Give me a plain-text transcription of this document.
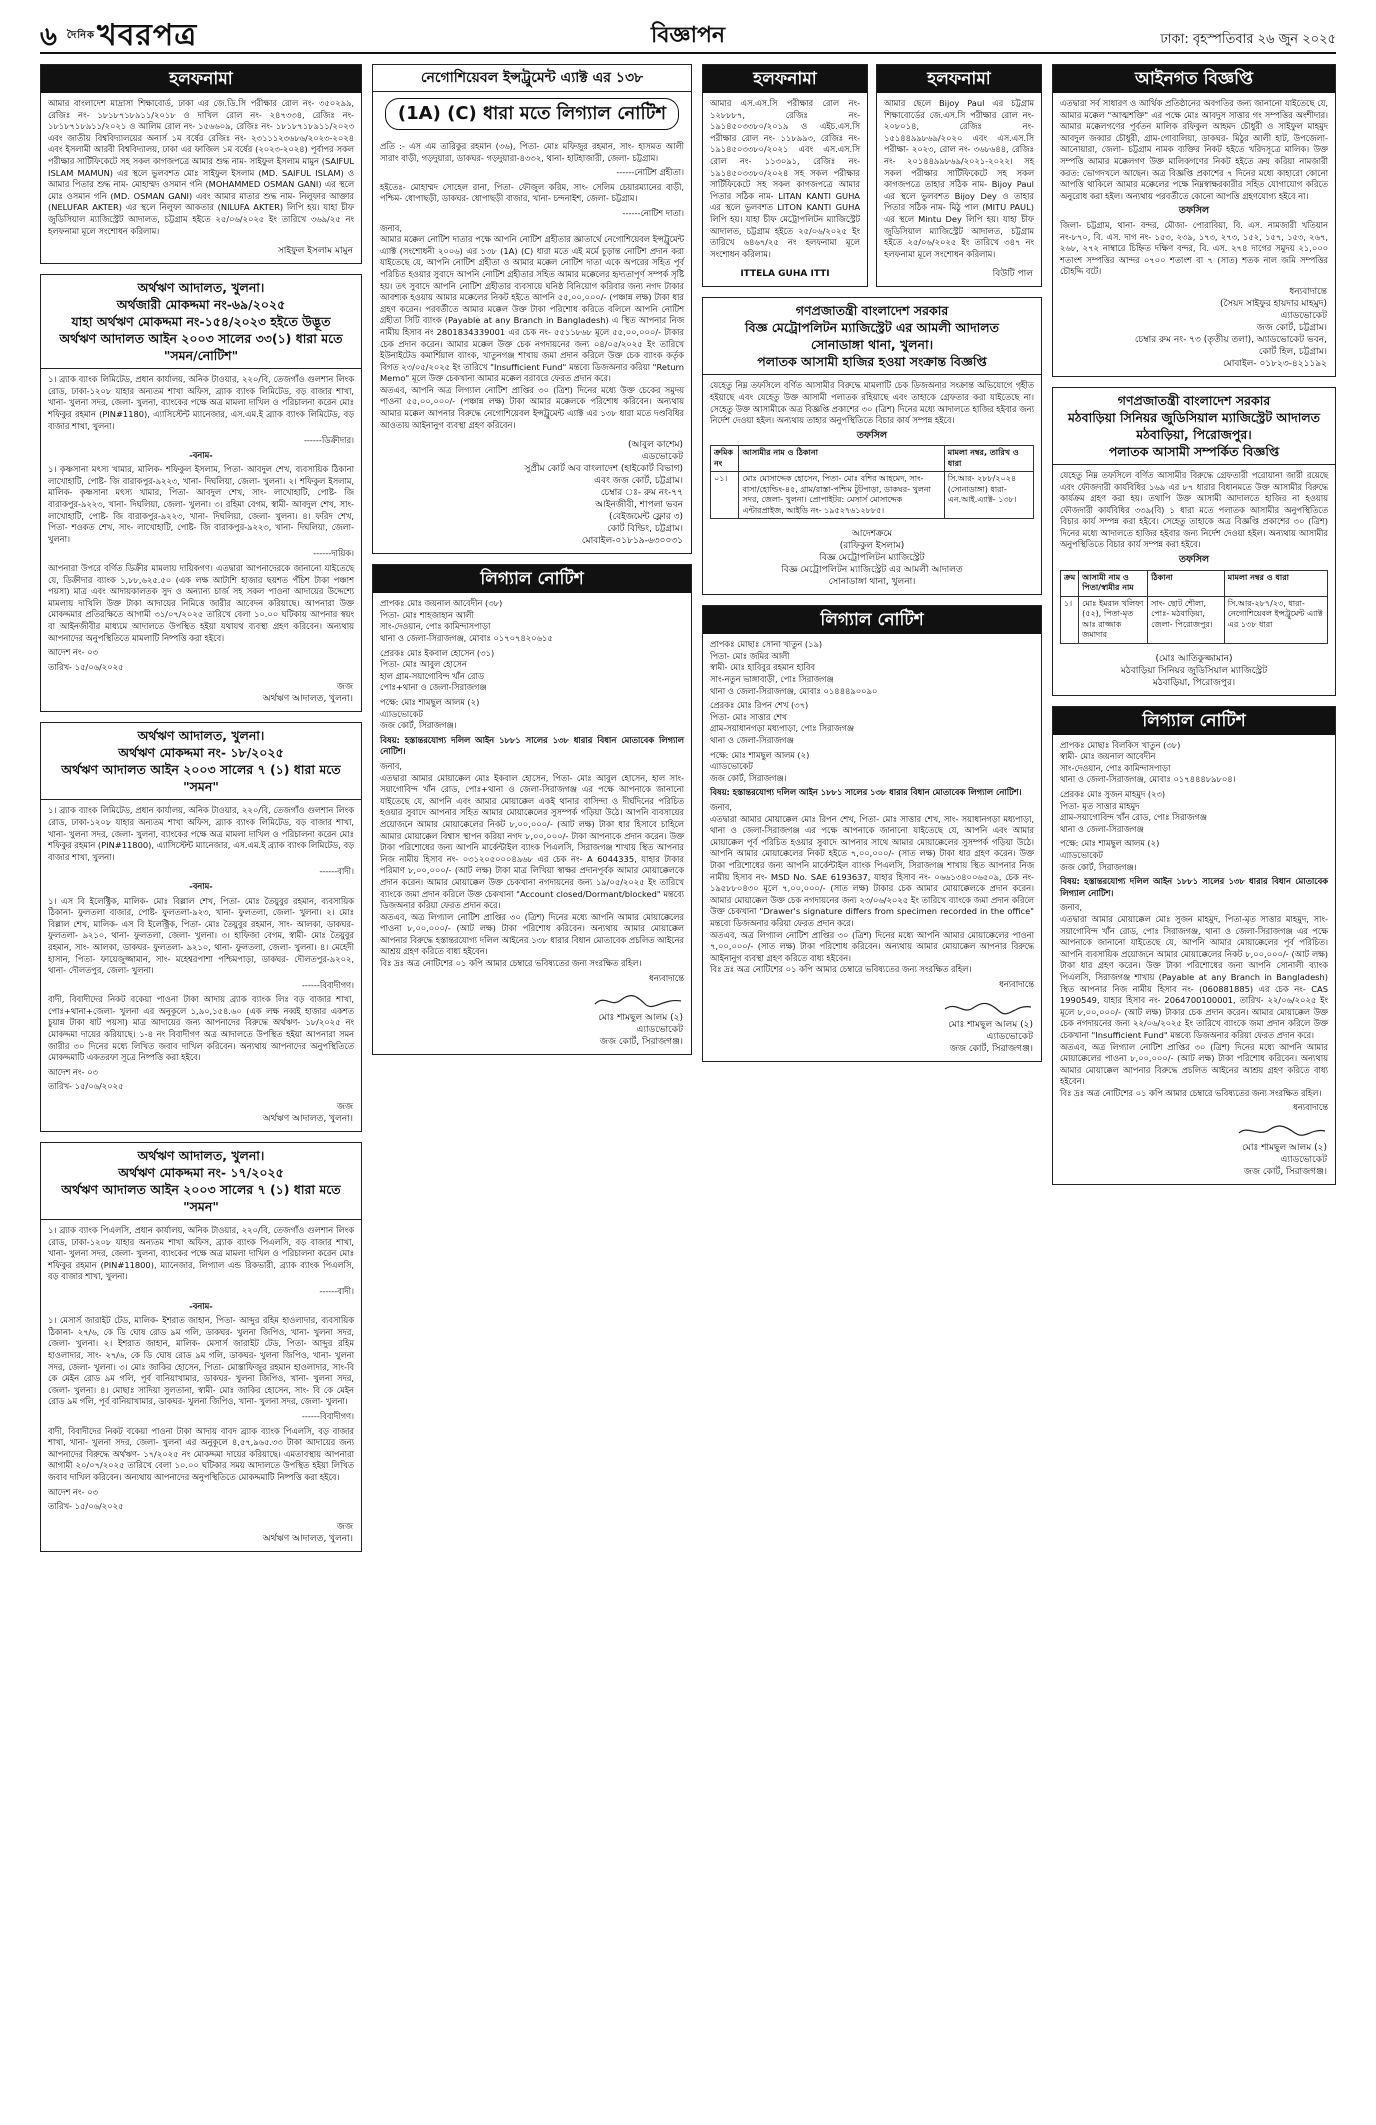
৬ $^{দৈনিক}$খবরপত্র	বিজ্ঞাপন	ঢাকা: বৃহস্পতিবার ২৬ জুন ২০২৫
হলফনামা

আমার বাংলাদেশ মাদ্রাসা শিক্ষাবোর্ড, ঢাকা এর জে.ডি.সি পরীক্ষার রোল নং- ৩৫০২৯৯, রেজিঃ নং- ১৮১৮৭১৮৯১১/২০১৮ ও দাখিল রোল নং- ২৪৭৩৩৪, রেজিঃ নং- ১৮১৮৭১৮৯১১/২০২১ ও আলিম রোল নং- ১৫৬৬০৯, রেজিঃ নং- ১৮১৮৭১৮৯১১/২০২৩ এবং জাতীয় বিশ্ববিদ্যালয়ের অনার্স ১ম বর্ষের রেজিঃ নং- ২৩১১১২৩৬৮৬/২০২৩-২০২৪ এবং ইসলামী আরবী বিশ্ববিদ্যালয়, ঢাকা এর ফাজিল ১ম বর্ষের (২০২৩-২০২৪) পূর্বাপর সকল পরীক্ষার সার্টিফিকেটে সহ সকল কাগজপত্রে আমার শুদ্ধ নাম- সাইফুল ইসলাম মামুন (SAIFUL ISLAM MAMUN) এর স্থলে ভুলবশত মোঃ সাইফুল ইসলাম (MD. SAIFUL ISLAM) ও আমার পিতার শুদ্ধ নাম- মোহাম্মদ ওসমান গনি (MOHAMMED OSMAN GANI) এর স্থলে মোঃ ওসমান গনি (MD. OSMAN GANI) এবং আমার মাতার শুদ্ধ নাম- নিলুফার আক্তার (NELUFAR AKTER) এর স্থলে নিলুফা আকতার (NILUFA AKTER) লিপি হয়। যাহা চীফ জুডিসিয়াল ম্যাজিস্ট্রেট আদালত, চট্টগ্রাম হইতে ২৫/০৬/২০২৫ ইং তারিখে ৩৬৯/২৫ নং হলফনামা মূলে সংশোধন করিলাম।

সাইফুল ইসলাম মামুন
অর্থঋণ আদালত, খুলনা।
অর্থজারী মোকদ্দমা নং-৬৯/২০২৫
যাহা অর্থঋণ মোকদ্দমা নং-১৫৪/২০২৩ হইতে উদ্ভূত
অর্থঋণ আদালত আইন ২০০৩ সালের ৩৩(১) ধারা মতে
"সমন/নোটিশ"

১। ব্র্যাক ব্যাংক লিমিটেড, প্রধান কার্যালয়, অনিক টাওয়ার, ২২০/বি, তেজগাঁও গুলশান লিংক রোড, ঢাকা-১২০৮ যাহার অন্যতম শাখা অফিস, ব্র্যাক ব্যাংক লিমিটেড, বড় বাজার শাখা, খানা- খুলনা সদর, জেলা- খুলনা, ব্যাংকের পক্ষে অত্র মামলা দাখিল ও পরিচালনা করেন মোঃ শফিকুর রহমান (PIN#1180), এ্যাসিস্টেন্ট ম্যানেজার, এস.এম.ই ব্র্যাক ব্যাংক লিমিটেড, বড় বাজার শাখা, খুলনা।

------ডিক্রীদার।

-বনাম-

১। কৃষ্ণসানা মৎস্য খামার, মালিক- শফিকুল ইসলাম, পিতা- আবদুল শেখ, ব্যবসায়িক ঠিকানা লাখোহাটি, পোষ্ট- জি বারাকপুর-৯২২৩, খানা- দিঘলিয়া, জেলা- খুলনা। ২। শফিকুল ইসলাম, মালিক- কৃষ্ণসানা মৎস্য খামার, পিতা- আবদুল শেখ, সাং- লাখোহাটি, পোষ্ট- জি বারাকপুর-৯২২৩, খানা- দিঘলিয়া, জেলা- খুলনা। ৩। রহিমা বেগম, স্বামী- আবদুল শেখ, সাং- লাখোহাটি, পোষ্ট- জি বারাকপুর-৯২২৩, খানা- দিঘলিয়া, জেলা- খুলনা। ৪। ফরিদ শেখ, পিতা- শওকত শেখ, সাং- লাখোহাটি, পোষ্ট- জি বারাকপুর-৯২২৩, খানা- দিঘলিয়া, জেলা- খুলনা।

------দায়িক।

আপনারা উপরে বর্ণিত ডিক্রীর মামলায় দায়িকগণ। এতদ্বারা আপনাদেরকে জানানো যাইতেছে যে, ডিক্রীদার ব্যাংক ১,৮৮,৬২৫.৫০ (এক লক্ষ আটাশি হাজার ছয়শত পঁচিশ টাকা পঞ্চাশ পয়সা) মাত্র এবং আদায়কালতক সুদ ও অন্যান্য চার্জ সহ সকল পাওনা আদায়ের উদ্দেশ্যে মামলায় দাখিলি উক্ত টাকা আদায়ের নিমিত্তে জারীর আবেদন করিয়াছে। আপনারা উক্ত মোকদ্দমার প্রতিরক্ষিতে আগামী ৩১/০৭/২০২৫ তারিখে বেলা ১০.০০ ঘটিকায় আপনার স্বয়ং বা আইনজীবীর মাধ্যমে আদালতে উপস্থিত হইয়া যথাযথ ব্যবস্থা গ্রহণ করিবেন। অন্যথায় আপনাদের অনুপস্থিতিতে মামলাটি নিষ্পত্তি করা হইবে।

আদেশ নং- ০৩

তারিখ- ১৫/০৬/২০২৫

জজ
অর্থঋণ আদালত, খুলনা।
অর্থঋণ আদালত, খুলনা।
অর্থঋণ মোকদ্দমা নং- ১৮/২০২৫
অর্থঋণ আদালত আইন ২০০৩ সালের ৭ (১) ধারা মতে
"সমন"

১। ব্র্যাক ব্যাংক লিমিটেড, প্রধান কার্যালয়, অনিক টাওয়ার, ২২০/বি, তেজগাঁও গুলশান লিংক রোড, ঢাকা-১২০৮ যাহার অন্যতম শাখা অফিস, ব্র্যাক ব্যাংক লিমিটেড, বড় বাজার শাখা, খানা- খুলনা সদর, জেলা- খুলনা, ব্যাংকের পক্ষে অত্র মামলা দাখিল ও পরিচালনা করেন মোঃ শফিকুর রহমান (PIN#11800), এ্যাসিস্টেন্ট ম্যানেজার, এস.এম.ই ব্র্যাক ব্যাংক লিমিটেড, বড় বাজার শাখা, খুলনা।

------বাদী।

-বনাম-

১। এস বি ইলেক্ট্রিক, মালিক- মোঃ বিল্লাল শেখ, পিতা- মোঃ তৈয়ুবুর রহমান, ব্যবসায়িক ঠিকানা- ফুলতলা বাজার, পোষ্ট- ফুলতলা-৯২৩, খানা- ফুলতলা, জেলা- খুলনা। ২। মোঃ বিল্লাল শেখ, মালিক- এস বি ইলেক্ট্রিক, পিতা- মোঃ তৈয়ুবুর রহমান, সাং- আলকা, ডাকঘর- ফুলতলা- ৯২১০, থানা- ফুলতলা, জেলা- খুলনা। ৩। হাফিজা বেগম, স্বামী- মোঃ তৈয়ুবুর রহমান, সাং- আলকা, ডাকঘর- ফুলতলা- ৯২১০, থানা- ফুলতলা, জেলা- খুলনা। ৪। মেহেদী হাসান, পিতা- ফায়েজুজ্জামান, সাং- মহেশ্বরপাশা পশ্চিমপাড়া, ডাকঘর- দৌলতপুর-৯২০২, থানা- দৌলতপুর, জেলা- খুলনা।

------বিবাদীগণ।

বাদী, বিবাদীদের নিকট বকেয়া পাওনা টাকা আদায় ব্র্যাক ব্যাংক লিঃ বড় বাজার শাখা, পোঃ+থানা+জেলা- খুলনা এর অনুকূলে ১,৯০,১৫৪.৬০ (এক লক্ষ নব্বই হাজার একশত চুয়ান্ন টাকা ষাট পয়সা) মাত্র আদায়ের জন্য আপনাদের বিরুদ্ধে অর্থঋণ- ১৮/২০২৫ নং মোকদ্দমা দায়ের করিয়াছে। ১-৪ নং বিবাদীগণ অত্র আদালতে উপস্থিত হইয়া আপনারা সমন জারীর ৩০ দিনের মধ্যে লিখিত জবাব দাখিল করিবেন। অন্যথায় আপনাদের অনুপস্থিতিতে মোকদ্দমাটি একতরফা সূত্রে নিষ্পত্তি করা হইবে।

আদেশ নং- ০৩

তারিখ- ১৫/০৬/২০২৫

জজ
অর্থঋণ আদালত, খুলনা।
অর্থঋণ আদালত, খুলনা।
অর্থঋণ মোকদ্দমা নং- ১৭/২০২৫
অর্থঋণ আদালত আইন ২০০৩ সালের ৭ (১) ধারা মতে
"সমন"

১। ব্র্যাক ব্যাংক পিএলসি, প্রধান কার্যালয়, অনিক টাওয়ার, ২২০/বি, তেজগাঁও গুলশান লিংক রোড, ঢাকা-১২০৮ যাহার অন্যতম শাখা অফিস, ব্র্যাক ব্যাংক পিএলসি, বড় বাজার শাখা, খানা- খুলনা সদর, জেলা- খুলনা, ব্যাংকের পক্ষে অত্র মামলা দাখিল ও পরিচালনা করেন মোঃ শফিকুর রহমান (PIN#11800), ম্যানেজার, লিগ্যাল এন্ড রিকভারী, ব্র্যাক ব্যাংক পিএলসি, বড় বাজার শাখা, খুলনা।

------বাদী।

-বনাম-

১। মেসার্স জারাইট টেড, মালিক- ইশরাত জাহান, পিতা- আব্দুর রহিম হাওলাদার, ব্যবসায়িক ঠিকানা- ২৭/৬, কে ডি ঘোষ রোড ৯ম গলি, ডাকঘর- খুলনা জিপিও, খানা- খুলনা সদর, জেলা- খুলনা। ২। ইশরাত জাহান, মালিক- মেসার্স জারাইট টেড, পিতা- আব্দুর রহিম হাওলাদার, সাং- ২৭/৬, কে ডি ঘোষ রোড ৯ম গলি, ডাকঘর- খুলনা জিপিও, খানা- খুলনা সদর, জেলা- খুলনা। ৩। মোঃ জাকির হোসেন, পিতা- মোস্তাফিজুর রহমান হাওলাদার, সাং-বি কে মেইন রোড ৯ম গলি, পূর্ব বানিয়াখামার, ডাকঘর- খুলনা জিপিও, খানা- খুলনা সদর, জেলা- খুলনা। ৪। মোছাঃ সাদিয়া সুলতানা, স্বামী- মোঃ জাকির হোসেন, সাং- বি কে মেইন রোড ৯ম গলি, পূর্ব বানিয়াখামার, ডাকঘর- খুলনা জিপিও, খানা- খুলনা সদর, জেলা- খুলনা।

------বিবাদীগণ।

বাদী, বিবাদীদের নিকট বকেয়া পাওনা টাকা আদায় বাবদ ব্র্যাক ব্যাংক পিএলসি, বড় বাজার শাখা, খানা- খুলনা সদর, জেলা- খুলনা এর অনুকূলে ৪,৫৭,৯৬৫.৩৩ টাকা আদায়ের জন্য আপনাদের বিরুদ্ধে অর্থঋণ- ১৭/২০২৫ নং মোকদ্দমা দায়ের করিয়াছে। এমতাবস্থায় আপনারা আগামী ২০/০৭/২০২৫ তারিখে বেলা ১০.০০ ঘটিকার সময় আদালতে উপস্থিত হইয়া লিখিত জবাব দাখিল করিবেন। অন্যথায় আপনাদের অনুপস্থিতিতে মোকদ্দমাটি নিষ্পত্তি করা হইবে।

আদেশ নং- ০৩

তারিখ- ১৫/০৬/২০২৫

জজ
অর্থঋণ আদালত, খুলনা।
নেগোশিয়েবল ইন্সট্রুমেন্ট এ্যাক্ট এর ১৩৮
(1A) (C) ধারা মতে লিগ্যাল নোটিশ

প্রতি :- এস এম তারিকুর রহমান (৩৬), পিতা- মোঃ মফিজুর রহমান, সাং- হাসমত আলী সারাং বাড়ী, গড়দুয়ারা, ডাকঘর- গড়দুয়ারা-৪৩৩২, থানা- হাটহাজারী, জেলা- চট্টগ্রাম।

------নোটিশ গ্রহীতা।

হইতেঃ- মোহাম্মদ সোহেল রানা, পিতা- ফৌজুল করিম, সাং- সেলিম চেয়ারম্যানের বাড়ী, পশ্চিম- ধোপাছড়ী, ডাকঘর- ধোপাছড়ী বাজার, খানা- চন্দনাইশ, জেলা- চট্টগ্রাম।

------নোটিশ দাতা।

জনাব,
আমার মক্কেল নোটিশ দাতার পক্ষে আপনি নোটিশ গ্রহীতার জ্ঞাতার্থে নেগোশিয়েবল ইন্সট্রুমেন্ট এ্যাক্ট (সংশোধনী ২০০৬) এর ১৩৮ (1A) (C) ধারা মতে এই মর্মে চূড়ান্ত নোটিশ প্রদান করা যাইতেছে যে, আপনি নোটিশ গ্রহীতা ও আমার মক্কেল নোটিশ দাতা একে অপরের সহিত পূর্ব পরিচিত হওয়ার সুবাদে আপনি নোটিশ গ্রহীতার সহিত আমার মক্কেলের হৃদ্যতাপূর্ণ সম্পর্ক সৃষ্টি হয়। তৎ সুবাদে আপনি নোটিশ গ্রহীতার ব্যবসায়ে ঘনিষ্ঠ বিনিয়োগ করিবার জন্য নগদ টাকার আবশ্যক হওয়ায় আমার মক্কেলের নিকট হইতে আপনি ৫৫,০০,০০০/- (পঞ্চান্ন লক্ষ) টাকা ধার গ্রহণ করেন। পরবর্তীতে আমার মক্কেল উক্ত টাকা পরিশোধ করিতে বলিলে আপনি নোটিশ গ্রহীতা সিটি ব্যাংক (Payable at any Branch in Bangladesh) এ স্থিত আপনার নিজ নামীয় হিসাব নং 2801834339001 এর চেক নং- ৫৫১১৮৬৮ মূলে ৫৫,০০,০০০/- টাকার চেক প্রদান করেন। আমার মক্কেল উক্ত চেক নগদায়নের জন্য ০৪/০৫/২০২৫ ইং তারিখে ইউনাইটেড কমার্শিয়াল ব্যাংক, খাতুনগঞ্জ শাখায় জমা প্রদান করিলে উক্ত চেক ব্যাংক কর্তৃক বিগত ২৩/০৫/২০২৫ ইং তারিখে "Insufficient Fund" মন্তব্যে ডিজঅনার করিয়া "Return Memo" মূলে উক্ত চেকখানা আমার মক্কেল বরাবরে ফেরত প্রদান করে।
অতএব, আপনি অত্র লিগ্যাল নোটিশ প্রাপ্তির ৩০ (ত্রিশ) দিনের মধ্যে উক্ত চেকের সমুদয় পাওনা ৫৫,০০,০০০/- (পঞ্চান্ন লক্ষ) টাকা আমার মক্কেলকে পরিশোধ করিবেন। অন্যথায় আমার মক্কেল আপনার বিরুদ্ধে নেগোশিয়েবল ইন্সট্রুমেন্ট এ্যাক্ট এর ১৩৮ ধারা মতে দণ্ডবিধির আওতায় আইনানুগ ব্যবস্থা গ্রহণ করিবেন।

(আবুল কাশেম)
এডভোকেট
সুপ্রীম কোর্ট অব বাংলাদেশ (হাইকোর্ট বিভাগ)
এবং জজ কোর্ট, চট্টগ্রাম।
চেম্বার ঃ- রুম নং-৭৭
আইনজীবী, শাপলা ভবন
(বেইজমেন্ট ফ্লোর ৩)
কোর্ট বিল্ডিং, চট্টগ্রাম।
মোবাইল-০১৮১৯-৬৩০০৩১
লিগ্যাল নোটিশ

প্রাপকঃ মোঃ জয়নাল আবেদীন (৩৮)
পিতা- মোঃ শাহজাহান আলী
সাং-দেওয়ান, পোঃ কামিন্দাসপাড়া
থানা ও জেলা-সিরাজগঞ্জ, মোবাঃ ০১৭০৭৪২০৬১৫

প্রেরকঃ মোঃ ইকবাল হোসেন (৩১)
পিতা- মোঃ আবুল হোসেন
হাল গ্রাম-সয়াগোবিন্দ খাঁন রোড
পোঃ+থানা ও জেলা-সিরাজগঞ্জ

পক্ষে: মোঃ শামছুল আলম (২)
এ্যাডভোকেট
জজ কোর্ট, সিরাজগঞ্জ।

বিষয়: হস্তান্তরযোগ্য দলিল আইন ১৮৮১ সালের ১৩৮ ধারার বিধান মোতাবেক লিগ্যাল নোটিশ।

জনাব,
এতদ্বারা আমার মোয়াক্কেল মোঃ ইকবাল হোসেন, পিতা- মোঃ আবুল হোসেন, হাল সাং- সয়াগোবিন্দ খাঁন রোড, পোঃ+থানা ও জেলা-সিরাজগঞ্জ এর পক্ষে আপনাকে জানানো যাইতেছে যে, আপনি এবং আমার মোয়াক্কেল একই থানার বাসিন্দা ও দীর্ঘদিনের পরিচিত হওয়ার সুবাদে আপনার সহিত আমার মোয়াক্কেলের সুসম্পর্ক গড়িয়া উঠে। আপনি ব্যবসায়ের প্রয়োজনে আমার মোয়াক্কেলের নিকট ৮,০০,০০০/- (আট লক্ষ) টাকা ধার হিসাবে চাহিলে আমার মোয়াক্কেল বিশ্বাস স্থাপন করিয়া নগদ ৮,০০,০০০/- টাকা আপনাকে প্রদান করেন। উক্ত টাকা পরিশোধের জন্য আপনি মার্কেন্টাইল ব্যাংক পিএলসি, সিরাজগঞ্জ শাখায় স্থিত আপনার নিজ নামীয় হিসাব নং- ০৩১২০৫০০০৪৯৬৮ এর চেক নং- A 6044335, যাহার টাকার পরিমাণ ৮,০০,০০০/- (আট লক্ষ) টাকা মাত্র লিখিয়া স্বাক্ষর প্রদানপূর্বক আমার মোয়াক্কেলকে প্রদান করেন। আমার মোয়াক্কেল উক্ত চেকখানা নগদায়নের জন্য ১৯/০৫/২০২৫ ইং তারিখে ব্যাংকে জমা প্রদান করিলে উক্ত চেকখানা "Account closed/Dormant/blocked" মন্তব্যে ডিজঅনার করিয়া ফেরত প্রদান করে।
অতএব, অত্র লিগ্যাল নোটিশ প্রাপ্তির ৩০ (ত্রিশ) দিনের মধ্যে আপনি আমার মোয়াক্কেলের পাওনা ৮,০০,০০০/- (আট লক্ষ) টাকা পরিশোধ করিবেন। অন্যথায় আমার মোয়াক্কেল আপনার বিরুদ্ধে হস্তান্তরযোগ্য দলিল আইনের ১৩৮ ধারার বিধান মোতাবেক প্রচলিত আইনের আশ্রয় গ্রহণ করিতে বাধ্য হইবেন।
বিঃ দ্রঃ অত্র নোটিশের ০১ কপি আমার চেম্বারে ভবিষ্যতের জন্য সংরক্ষিত রহিল।

ধন্যবাদান্তে

মোঃ শামছুল আলম (২)
এ্যাডভোকেট
জজ কোর্ট, সিরাজগঞ্জ।
হলফনামা

আমার এস.এস.সি পরীক্ষার রোল নং- ১২৮৮৮৭, রেজিঃ নং- ১৯১৪৫০৩৩৮০/২০১৯ ও এইচ.এস.সি পরীক্ষার রোল নং- ১১৮৯৯৩, রেজিঃ নং- ১৯১৪৫০৩৩৮০/২০২১ এবং এস.এস.সি রোল নং- ১১৩০৯১, রেজিঃ নং- ১৯১৪৫০৩৩৮০/২০২৪ সহ সকল পরীক্ষার সার্টিফিকেটে সহ সকল কাগজপত্রে আমার পিতার সঠিক নাম- LITAN KANTI GUHA এর স্থলে ভুলবশত LITON KANTI GUHA লিপি হয়। যাহা চীফ মেট্রোপলিটন ম্যাজিস্ট্রেট আদালত, চট্টগ্রাম হইতে ২৫/০৬/২০২৫ ইং তারিখে ৬৪৬৭/২৫ নং হলফনামা মূলে সংশোধন করিলাম।

ITTELA GUHA ITTI
হলফনামা

আমার ছেলে Bijoy Paul এর চট্টগ্রাম শিক্ষাবোর্ডের জে.এস.সি পরীক্ষার রোল নং- ২০৮০১৪, রেজিঃ নং- ১৫১৪৪৯৯৮৬৯/২০২০ এবং এস.এস.সি পরীক্ষা- ২০২৩, রোল নং- ৩৬৮৬৪৪, রেজিঃ নং- ২০১৪৪৯৯৮৬৯/২০২১-২০২২। সহ সকল পরীক্ষার সার্টিফিকেটে সহ সকল কাগজপত্রে তাহার সঠিক নাম- Bijoy Paul এর স্থলে ভুলবশত Bijoy Dey ও তাহার পিতার সঠিক নাম- মিঠু পাল (MITU PAUL) এর স্থলে Mintu Dey লিপি হয়। যাহা চীফ জুডিসিয়াল ম্যাজিস্ট্রেট আদালত, চট্টগ্রাম হইতে ২৫/০৬/২০২৫ ইং তারিখে ৩৪৭ নং হলফনামা মূলে সংশোধন করিলাম।

বিউটি পাল
গণপ্রজাতন্ত্রী বাংলাদেশ সরকার
বিজ্ঞ মেট্রোপলিটন ম্যাজিস্ট্রেট এর আমলী আদালত
সোনাডাঙ্গা থানা, খুলনা।
পলাতক আসামী হাজির হওয়া সংক্রান্ত বিজ্ঞপ্তি

যেহেতু নিম্ন তফসিলে বর্ণিত আসামীর বিরুদ্ধে মামলাটি চেক ডিজঅনার সংক্রান্ত অভিযোগে গৃহীত হইয়াছে এবং যেহেতু উক্ত আসামী পলাতক রহিয়াছে এবং তাহাকে গ্রেফতার করা যাইতেছে না। সেহেতু উক্ত আসামীকে অত্র বিজ্ঞপ্তি প্রকাশের ৩০ (ত্রিশ) দিনের মধ্যে আদালতে হাজির হইবার জন্য নির্দেশ দেওয়া হইল। অন্যথায় তাহার অনুপস্থিতিতে বিচার কার্য সম্পন্ন হইবে।

তফসিল
ক্রমিক নং	আসামীর নাম ও ঠিকানা	মামলা নম্বর, তারিখ ও ধারা
০১।	মোঃ মোসাদ্দেক হোসেন, পিতা- মোঃ বশির আহমেদ, সাং- বাসা/হোল্ডিং-৪৫, গ্রাম/রাস্তা-পশ্চিম টুটপাড়া, ডাকঘর- খুলনা সদর, জেলা- খুলনা। প্রোপাইটর: মেসার্স মোসাদ্দেক এন্টারপ্রাইজ, আইডি নং- ১৯৫২৭৬১২৮৮৫।	সি.আর- ২৮৮/২০২৪ (সোনাডাঙ্গা) ধারা- এন.আই.এ্যাক্ট- ১৩৮।
আদেশক্রমে
(রাফিকুল ইসলাম)
বিজ্ঞ মেট্রোপলিটন ম্যাজিস্ট্রেট
বিজ্ঞ মেট্রোপলিটন ম্যাজিস্ট্রেট এর আমলী আদালত
সোনাডাঙ্গা থানা, খুলনা।
লিগ্যাল নোটিশ

প্রাপকঃ মোছাঃ সোনা খাতুন (১৯)
পিতা- মোঃ জমির আলী
স্বামী- মোঃ হাবিবুর রহমান হাবিব
সাং-নতুন ভাঙ্গাবাড়ী, পোঃ সিরাজগঞ্জ
থানা ও জেলা-সিরাজগঞ্জ, মোবাঃ ০১৪৪৪৯০০৯০

প্রেরকঃ মোঃ রিপন শেখ (৩৭)
পিতা- মোঃ সাত্তার শেখ
গ্রাম-সয়াধানগড়া মধ্যপাড়া, পোঃ সিরাজগঞ্জ
থানা ও জেলা-সিরাজগঞ্জ

পক্ষে: মোঃ শামছুল আলম (২)
এ্যাডভোকেট
জজ কোর্ট, সিরাজগঞ্জ।

বিষয়: হস্তান্তরযোগ্য দলিল আইন ১৮৮১ সালের ১৩৮ ধারার বিধান মোতাবেক লিগ্যাল নোটিশ।

জনাব,
এতদ্বারা আমার মোয়াক্কেল মোঃ রিপন শেখ, পিতা- মোঃ সাত্তার শেখ, সাং- সয়াধানগড়া মধ্যপাড়া, থানা ও জেলা-সিরাজগঞ্জ এর পক্ষে আপনাকে জানানো যাইতেছে যে, আপনি এবং আমার মোয়াক্কেল পূর্ব পরিচিত হওয়ার সুবাদে আপনার সাথে আমার মোয়াক্কেলের সুসম্পর্ক গড়িয়া উঠে। আপনি আমার মোয়াক্কেলের নিকট হইতে ৭,০০,০০০/- (সাত লক্ষ) টাকা ধার গ্রহণ করেন। উক্ত টাকা পরিশোধের জন্য আপনি মার্কেন্টাইল ব্যাংক পিএলসি, সিরাজগঞ্জ শাখায় স্থিত আপনার নিজ নামীয় হিসাব নং- MSD No. SAE 6193637, যাহার হিসাব নং- ০৬৬১৩৪০০৬৫০৯, চেক নং- ১৯৫৮৮০৪৩০ মূলে ৭,০০,০০০/- (সাত লক্ষ) টাকার চেক আমার মোয়াক্কেলকে প্রদান করেন। আমার মোয়াক্কেল উক্ত চেক নগদায়নের জন্য ২৩/০৬/২০২৫ ইং তারিখে ব্যাংকে জমা প্রদান করিলে উক্ত চেকখানা "Drawer's signature differs from specimen recorded in the office" মন্তব্যে ডিজঅনার করিয়া ফেরত প্রদান করে।
অতএব, অত্র লিগ্যাল নোটিশ প্রাপ্তির ৩০ (ত্রিশ) দিনের মধ্যে আপনি আমার মোয়াক্কেলের পাওনা ৭,০০,০০০/- (সাত লক্ষ) টাকা পরিশোধ করিবেন। অন্যথায় আমার মোয়াক্কেল আপনার বিরুদ্ধে আইনানুগ ব্যবস্থা গ্রহণ করিতে বাধ্য হইবেন।
বিঃ দ্রঃ অত্র নোটিশের ০১ কপি আমার চেম্বারে ভবিষ্যতের জন্য সংরক্ষিত রহিল।

ধন্যবাদান্তে

মোঃ শামছুল আলম (২)
এ্যাডভোকেট
জজ কোর্ট, সিরাজগঞ্জ।
আইনগত বিজ্ঞপ্তি

এতদ্বারা সর্ব সাধারণ ও আর্থিক প্রতিষ্ঠানের অবগতির জন্য জানানো যাইতেছে যে, আমার মক্কেল "আত্মশক্তি" এর পক্ষে মোঃ আবদুস সাত্তার গং সম্পত্তির অংশীদার। আমার মক্কেলগণের পূর্বতন মালিক রফিকুল আহমদ চৌধুরী ও সাইফুল মাহমুদ আবদুল জব্বার চৌধুরী, গ্রাম-গোবালিয়া, ডাকঘর- মিঠুর আলী হাট, উপজেলা- আনোয়ারা, জেলা- চট্টগ্রাম নামক ব্যক্তির নিকট হইতে খরিদসূত্রে মালিক। উক্ত সম্পত্তি আমার মক্কেলগণ উক্ত মালিকগণের নিকট হইতে ক্রয় করিয়া নামজারী করত: ভোগদখলে আছেন। অত্র বিজ্ঞপ্তি প্রকাশের ৭ দিনের মধ্যে কাহারো কোনো আপত্তি থাকিলে আমার মক্কেলের পক্ষে নিম্নস্বাক্ষরকারীর সহিত যোগাযোগ করিতে অনুরোধ করা হইল। অন্যথায় পরবর্তীতে কোনো আপত্তি গ্রহণযোগ্য হইবে না।

তফসিল

জিলা- চট্টগ্রাম, থানা- বন্দর, মৌজা- পোরাবিয়া, বি. এস. নামজারী খতিয়ান নং-৮৭০, বি. এস. দাগ নং- ১৫৩, ২৩৯, ১৭৩, ২৭৩, ১৫২, ১৫৭, ১৫৩, ২৬৭, ২৬৮, ২৭২ নাম্বারে চিহ্নিত দক্ষিণ বন্দর, বি. এস. ২৭৪ দাগের সমুদয় ২১,০০০ শতাংশ সম্পত্তির আন্দর ০৭০০ শতাংশ বা ৭ (সাত) শতক নাল জমি সম্পত্তির চৌহদ্দি বটে।

ধন্যবাদান্তে
(সৈয়দ সাইফুর হায়দার মাহমুদ)
এ্যাডভোকেট
জজ কোর্ট, চট্টগ্রাম।
চেম্বার রুম নং- ৭৩ (তৃতীয় তলা), অ্যাডভোকেট ভবন,
কোর্ট হিল, চট্টগ্রাম।
মোবাইল- ০১৮২৩-৪২১১৯২
গণপ্রজাতন্ত্রী বাংলাদেশ সরকার
মঠবাড়িয়া সিনিয়র জুডিসিয়াল ম্যাজিস্ট্রেট আদালত
মঠবাড়িয়া, পিরোজপুর।
পলাতক আসামী সম্পর্কিত বিজ্ঞপ্তি

যেহেতু নিম্ন তফসিলে বর্ণিত আসামীর বিরুদ্ধে গ্রেফতারী পরোয়ানা জারী রয়েছে এবং ফৌজদারী কার্যবিধির ১৬৯ এর ৮৭ ধারার বিধানমতে উক্ত আসামীর বিরুদ্ধে কার্যক্রম গ্রহণ করা হয়। তথাপি উক্ত আসামী আদালতে হাজির না হওয়ায় ফৌজদারী কার্যবিধির ৩৩৯(বি) ১ ধারা মতে পলাতক আসামীর অনুপস্থিতিতে বিচার কার্য সম্পন্ন করা হইবে। সেহেতু তাহাকে অত্র বিজ্ঞপ্তি প্রকাশের ৩০ (ত্রিশ) দিনের মধ্যে আদালতে হাজির হইবার জন্য নির্দেশ দেওয়া হইল। অন্যথায় আসামীর অনুপস্থিতিতে বিচার কার্য সম্পন্ন করা হইবে।

তফসিল
ক্রম	আসামী নাম ও পিতা/স্বামীর নাম	ঠিকানা	মামলা নম্বর ও ধারা
১।	মোঃ ইমরান খলিফা (৫২), পিতা-মৃত আঃ রাজ্জাক জমাদার	সাং- ছোট শৌলা, পোঃ- মঠবাড়িয়া, জেলা- পিরোজপুর।	সি.আর-২৮৭/২৩, ধারা- নেগোশিয়েবল ইন্সট্রুমেন্ট এ্যাক্ট এর ১৩৮ ধারা
(মোঃ আতিকুজ্জামান)
মঠবাড়িয়া সিনিয়র জুডিসিয়াল ম্যাজিস্ট্রেট
মঠবাড়িয়া, পিরোজপুর।
লিগ্যাল নোটিশ

প্রাপকঃ মোছাঃ বিলকিস খাতুন (৩৮)
স্বামী- মোঃ জয়নাল আবেদীন
সাং-দেওয়ান, পোঃ কামিন্দাসপাড়া
থানা ও জেলা-সিরাজগঞ্জ, মোবাঃ ০১৭৪৪৪৮৯৮০৪।

প্রেরকঃ মোঃ সুজন মাহমুদ (২৩)
পিতা- মৃত সাত্তার মাহমুদ
গ্রাম-সয়াগোবিন্দ খাঁন রোড, পোঃ সিরাজগঞ্জ
থানা ও জেলা-সিরাজগঞ্জ

পক্ষে: মোঃ শামছুল আলম (২)
এ্যাডভোকেট
জজ কোর্ট, সিরাজগঞ্জ।

বিষয়: হস্তান্তরযোগ্য দলিল আইন ১৮৮১ সালের ১৩৮ ধারার বিধান মোতাবেক লিগ্যাল নোটিশ।

জনাব,
এতদ্বারা আমার মোয়াক্কেল মোঃ সুজন মাহমুদ, পিতা-মৃত সাত্তার মাহমুদ, সাং-সয়াগোবিন্দ খাঁন রোড, পোঃ সিরাজগঞ্জ, থানা ও জেলা-সিরাজগঞ্জ এর পক্ষে আপনাকে জানানো যাইতেছে যে, আপনি আমার মোয়াক্কেলের পূর্ব পরিচিত। আপনি ব্যবসায়িক প্রয়োজনে আমার মোয়াক্কেলের নিকট ৮,০০,০০০/- (আট লক্ষ) টাকা ধার গ্রহণ করেন। উক্ত টাকা পরিশোধের জন্য আপনি সোনালী ব্যাংক পিএলসি, সিরাজগঞ্জ শাখায় (Payable at any Branch in Bangladesh) স্থিত আপনার নিজ নামীয় হিসাব নং- (060881885) এর চেক নং- CAS 1990549, যাহার হিসাব নং- 2064700100001, তারিখ- ২২/০৬/২০২৫ ইং মূলে ৮,০০,০০০/- (আট লক্ষ) টাকার চেক প্রদান করেন। আমার মোয়াক্কেল উক্ত চেক নগদায়নের জন্য ২২/০৬/২০২৫ ইং তারিখে ব্যাংকে জমা প্রদান করিলে উক্ত চেকখানা "Insufficient Fund" মন্তব্যে ডিজঅনার করিয়া ফেরত প্রদান করে।
অতএব, অত্র লিগ্যাল নোটিশ প্রাপ্তির ৩০ (ত্রিশ) দিনের মধ্যে আপনি আমার মোয়াক্কেলের পাওনা ৮,০০,০০০/- (আট লক্ষ) টাকা পরিশোধ করিবেন। অন্যথায় আমার মোয়াক্কেল আপনার বিরুদ্ধে প্রচলিত আইনের আশ্রয় গ্রহণ করিতে বাধ্য হইবেন।
বিঃ দ্রঃ অত্র নোটিশের ০১ কপি আমার চেম্বারে ভবিষ্যতের জন্য সংরক্ষিত রহিল।

ধন্যবাদান্তে

মোঃ শামছুল আলম (২)
এ্যাডভোকেট
জজ কোর্ট, সিরাজগঞ্জ।
